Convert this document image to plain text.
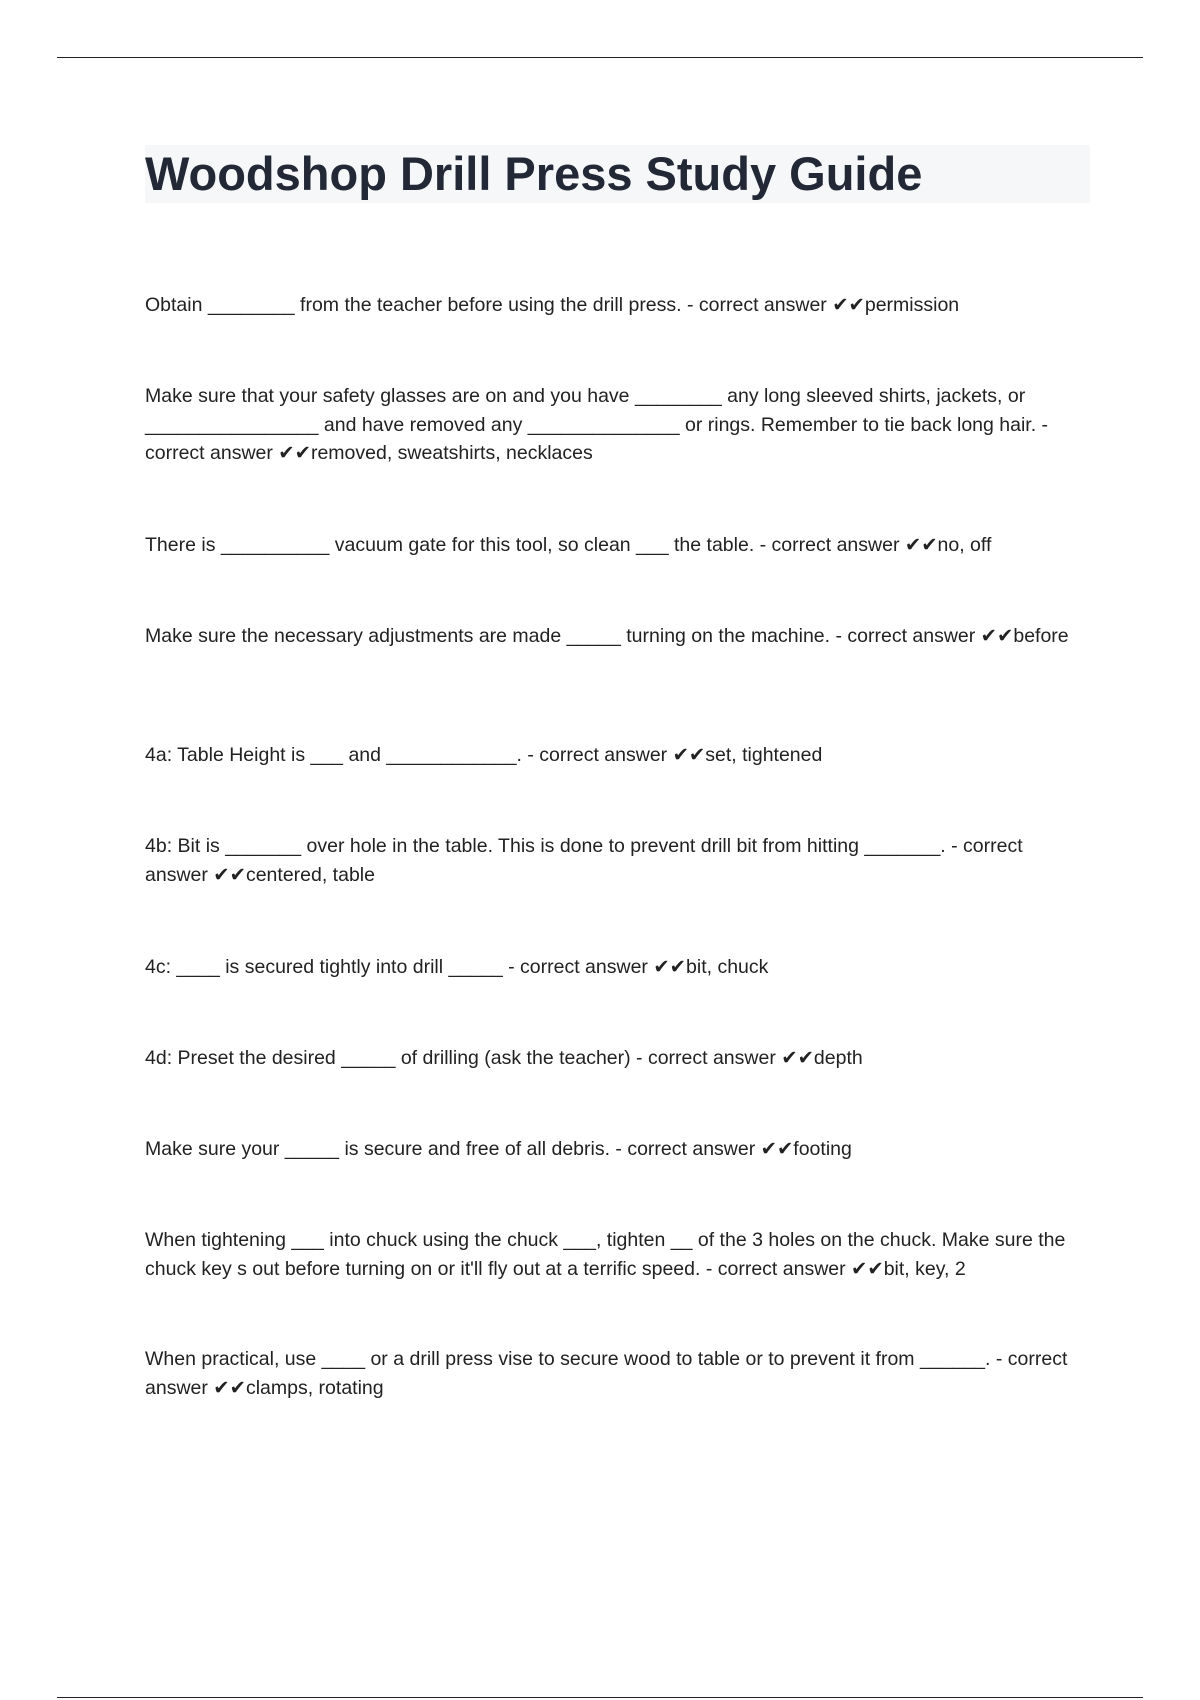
Woodshop Drill Press Study Guide

Obtain ________ from the teacher before using the drill press. - correct answer ✔✔permission

Make sure that your safety glasses are on and you have ________ any long sleeved shirts, jackets, or ________________ and have removed any ______________ or rings. Remember to tie back long hair. - correct answer ✔✔removed, sweatshirts, necklaces

There is __________ vacuum gate for this tool, so clean ___ the table. - correct answer ✔✔no, off

Make sure the necessary adjustments are made _____ turning on the machine. - correct answer ✔✔before

4a: Table Height is ___ and ____________. - correct answer ✔✔set, tightened

4b: Bit is _______ over hole in the table. This is done to prevent drill bit from hitting _______. - correct answer ✔✔centered, table

4c: ____ is secured tightly into drill _____ - correct answer ✔✔bit, chuck

4d: Preset the desired _____ of drilling (ask the teacher) - correct answer ✔✔depth

Make sure your _____ is secure and free of all debris. - correct answer ✔✔footing

When tightening ___ into chuck using the chuck ___, tighten __ of the 3 holes on the chuck. Make sure the chuck key s out before turning on or it'll fly out at a terrific speed. - correct answer ✔✔bit, key, 2

When practical, use ____ or a drill press vise to secure wood to table or to prevent it from ______. - correct answer ✔✔clamps, rotating
